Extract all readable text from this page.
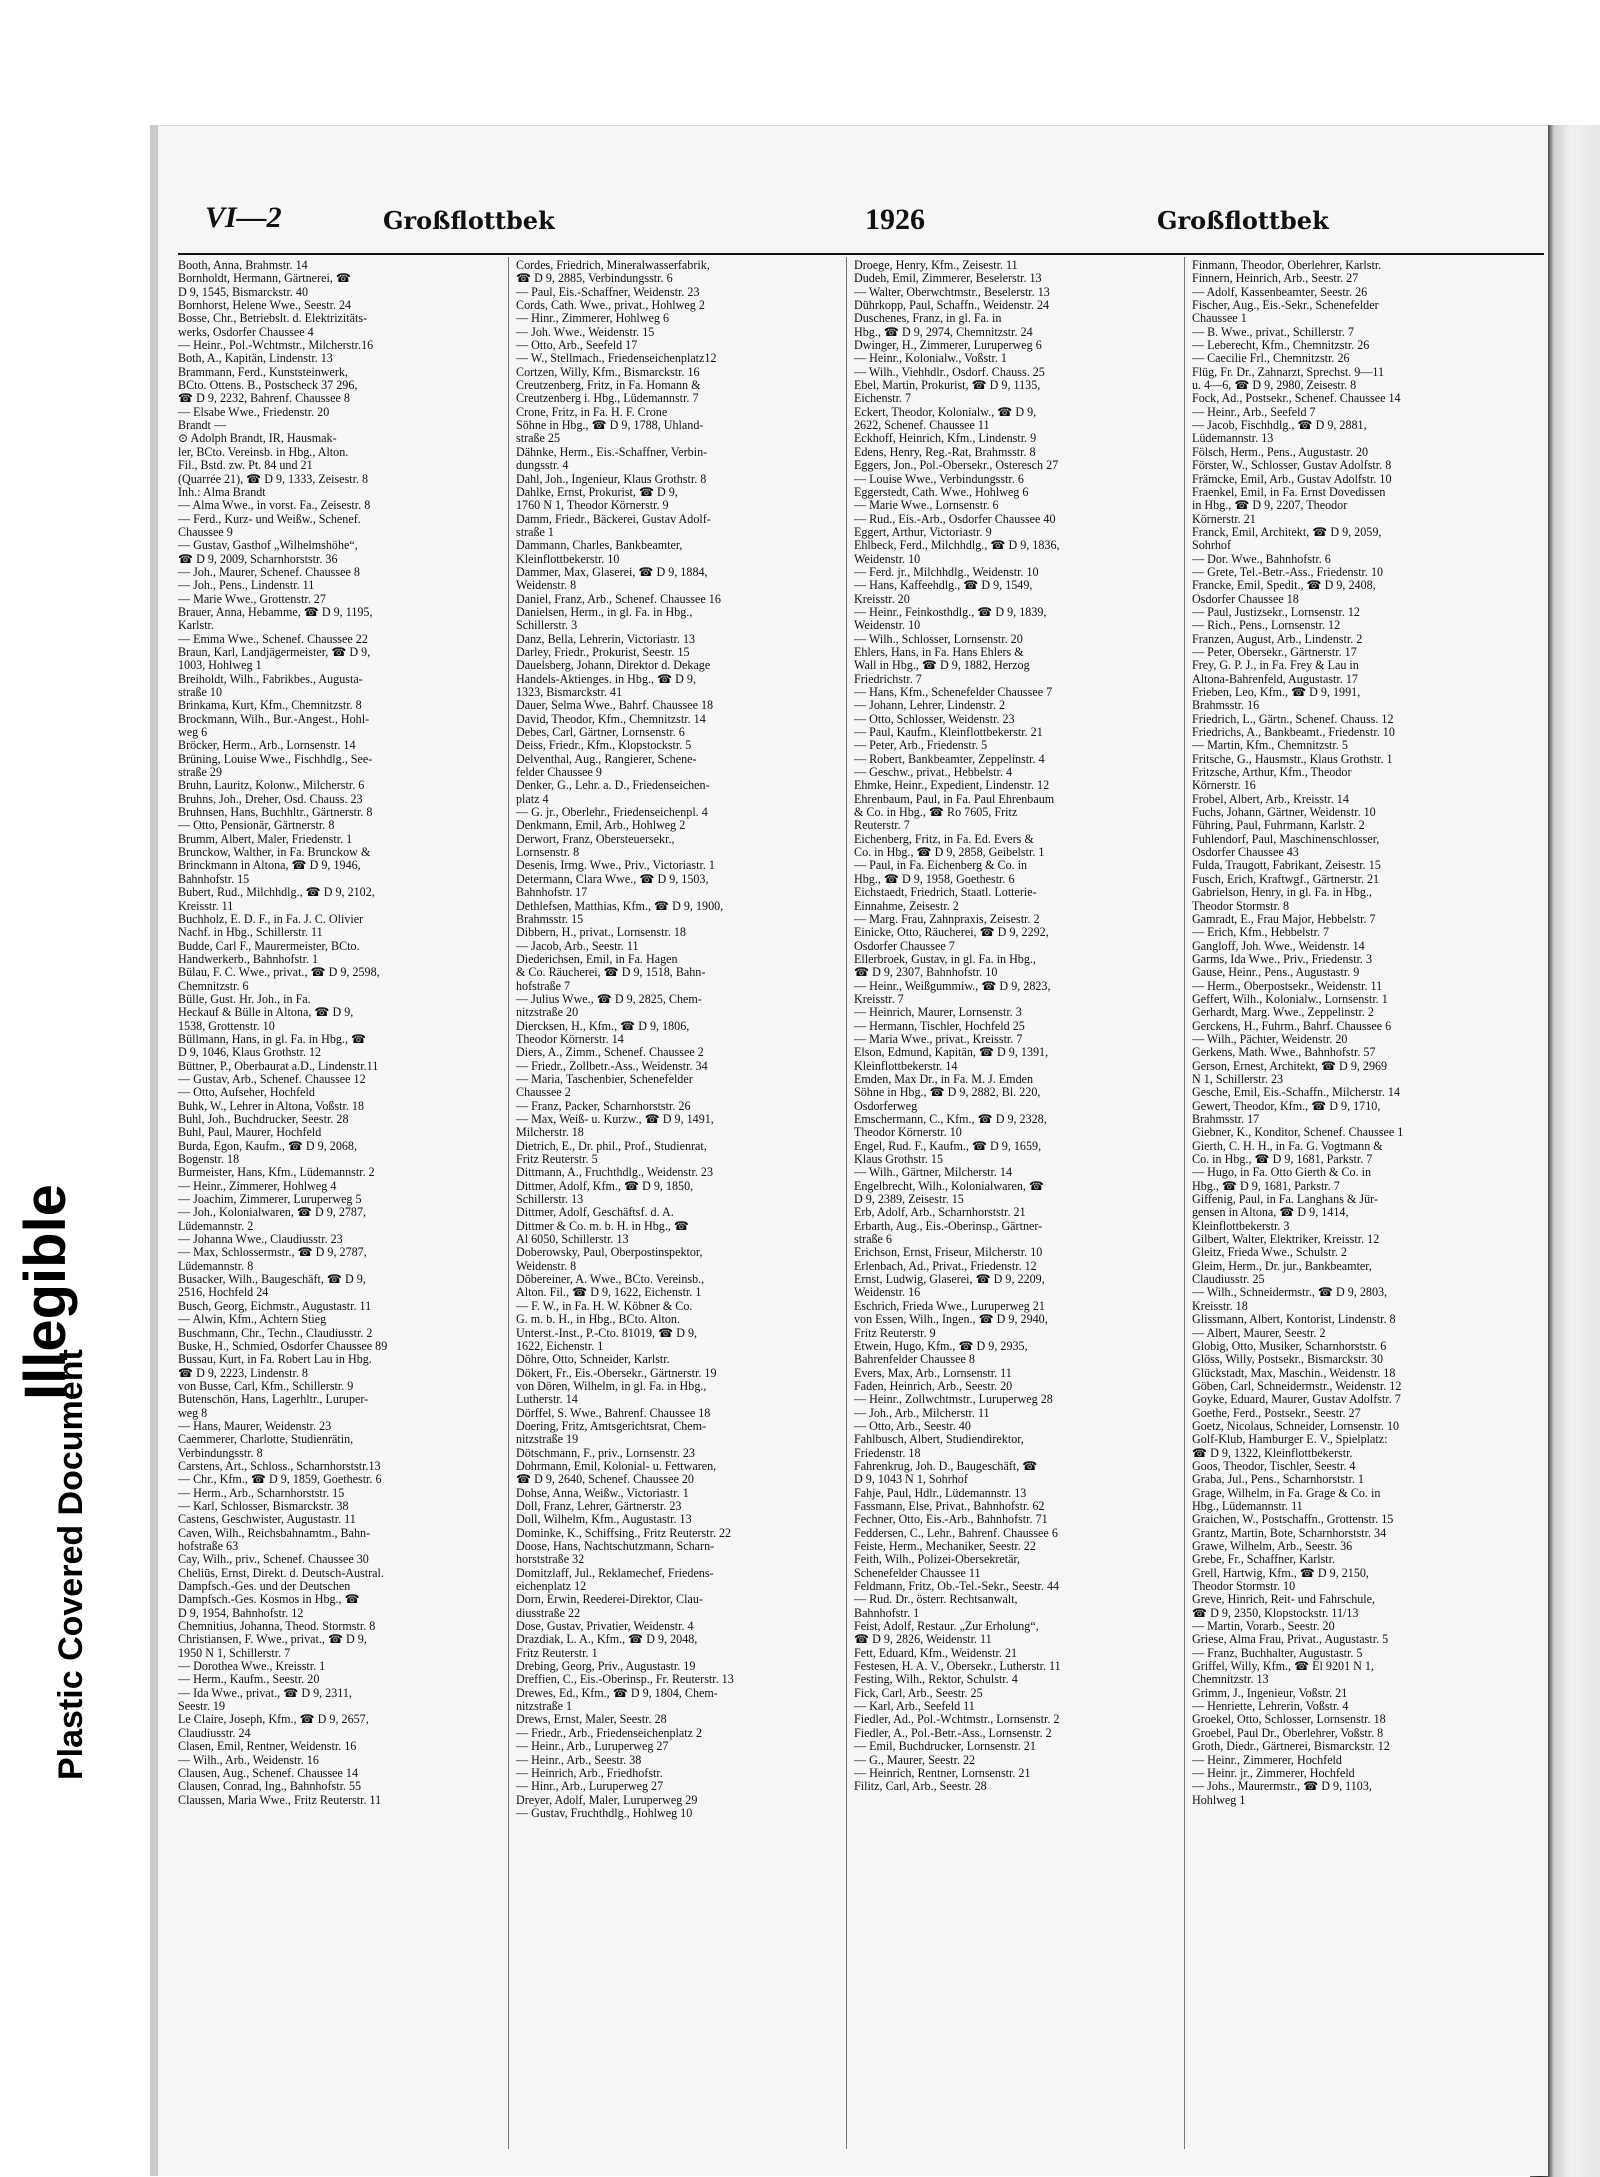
Illegible
Plastic Covered Document
VI—2	Großflottbek	1926	Großflottbek
Booth, Anna, Brahmstr. 14
Bornholdt, Hermann, Gärtnerei, ☎
D 9, 1545, Bismarckstr. 40
Bornhorst, Helene Wwe., Seestr. 24
Bosse, Chr., Betriebslt. d. Elektrizitäts-
werks, Osdorfer Chaussee 4
— Heinr., Pol.-Wchtmstr., Milcherstr.16
Both, A., Kapitän, Lindenstr. 13
Brammann, Ferd., Kunststeinwerk,
BCto. Ottens. B., Postscheck 37 296,
☎ D 9, 2232, Bahrenf. Chaussee 8
— Elsabe Wwe., Friedenstr. 20
Brandt —
⊙ Adolph Brandt, IR, Hausmak-
ler, BCto. Vereinsb. in Hbg., Alton.
Fil., Bstd. zw. Pt. 84 und 21
(Quarrée 21), ☎ D 9, 1333, Zeisestr. 8
Inh.: Alma Brandt
— Alma Wwe., in vorst. Fa., Zeisestr. 8
— Ferd., Kurz- und Weißw., Schenef.
Chaussee 9
— Gustav, Gasthof „Wilhelmshöhe“,
☎ D 9, 2009, Scharnhorststr. 36
— Joh., Maurer, Schenef. Chaussee 8
— Joh., Pens., Lindenstr. 11
— Marie Wwe., Grottenstr. 27
Brauer, Anna, Hebamme, ☎ D 9, 1195,
Karlstr.
— Emma Wwe., Schenef. Chaussee 22
Braun, Karl, Landjägermeister, ☎ D 9,
1003, Hohlweg 1
Breiholdt, Wilh., Fabrikbes., Augusta-
straße 10
Brinkama, Kurt, Kfm., Chemnitzstr. 8
Brockmann, Wilh., Bur.-Angest., Hohl-
weg 6
Bröcker, Herm., Arb., Lornsenstr. 14
Brüning, Louise Wwe., Fischhdlg., See-
straße 29
Bruhn, Lauritz, Kolonw., Milcherstr. 6
Bruhns, Joh., Dreher, Osd. Chauss. 23
Bruhnsen, Hans, Buchhltr., Gärtnerstr. 8
— Otto, Pensionär, Gärtnerstr. 8
Brumm, Albert, Maler, Friedenstr. 1
Brunckow, Walther, in Fa. Brunckow &
Brinckmann in Altona, ☎ D 9, 1946,
Bahnhofstr. 15
Bubert, Rud., Milchhdlg., ☎ D 9, 2102,
Kreisstr. 11
Buchholz, E. D. F., in Fa. J. C. Olivier
Nachf. in Hbg., Schillerstr. 11
Budde, Carl F., Maurermeister, BCto.
Handwerkerb., Bahnhofstr. 1
Bülau, F. C. Wwe., privat., ☎ D 9, 2598,
Chemnitzstr. 6
Bülle, Gust. Hr. Joh., in Fa.
Heckauf & Bülle in Altona, ☎ D 9,
1538, Grottenstr. 10
Büllmann, Hans, in gl. Fa. in Hbg., ☎
D 9, 1046, Klaus Grothstr. 12
Büttner, P., Oberbaurat a.D., Lindenstr.11
— Gustav, Arb., Schenef. Chaussee 12
— Otto, Aufseher, Hochfeld
Buhk, W., Lehrer in Altona, Voßstr. 18
Buhl, Joh., Buchdrucker, Seestr. 28
Buhl, Paul, Maurer, Hochfeld
Burda, Egon, Kaufm., ☎ D 9, 2068,
Bogenstr. 18
Burmeister, Hans, Kfm., Lüdemannstr. 2
— Heinr., Zimmerer, Hohlweg 4
— Joachim, Zimmerer, Luruperweg 5
— Joh., Kolonialwaren, ☎ D 9, 2787,
Lüdemannstr. 2
— Johanna Wwe., Claudiusstr. 23
— Max, Schlossermstr., ☎ D 9, 2787,
Lüdemannstr. 8
Busacker, Wilh., Baugeschäft, ☎ D 9,
2516, Hochfeld 24
Busch, Georg, Eichmstr., Augustastr. 11
— Alwin, Kfm., Achtern Stieg
Buschmann, Chr., Techn., Claudiusstr. 2
Buske, H., Schmied, Osdorfer Chaussee 89
Bussau, Kurt, in Fa. Robert Lau in Hbg.
☎ D 9, 2223, Lindenstr. 8
von Busse, Carl, Kfm., Schillerstr. 9
Butenschön, Hans, Lagerhltr., Luruper-
weg 8
— Hans, Maurer, Weidenstr. 23
Caemmerer, Charlotte, Studienrätin,
Verbindungsstr. 8
Carstens, Art., Schloss., Scharnhorststr.13
— Chr., Kfm., ☎ D 9, 1859, Goethestr. 6
— Herm., Arb., Scharnhorststr. 15
— Karl, Schlosser, Bismarckstr. 38
Castens, Geschwister, Augustastr. 11
Caven, Wilh., Reichsbahnamtm., Bahn-
hofstraße 63
Cay, Wilh., priv., Schenef. Chaussee 30
Cheliūs, Ernst, Direkt. d. Deutsch-Austral.
Dampfsch.-Ges. und der Deutschen
Dampfsch.-Ges. Kosmos in Hbg., ☎
D 9, 1954, Bahnhofstr. 12
Chemnitius, Johanna, Theod. Stormstr. 8
Christiansen, F. Wwe., privat., ☎ D 9,
1950 N 1, Schillerstr. 7
— Dorothea Wwe., Kreisstr. 1
— Herm., Kaufm., Seestr. 20
— Ida Wwe., privat., ☎ D 9, 2311,
Seestr. 19
Le Claire, Joseph, Kfm., ☎ D 9, 2657,
Claudiusstr. 24
Clasen, Emil, Rentner, Weidenstr. 16
— Wilh., Arb., Weidenstr. 16
Clausen, Aug., Schenef. Chaussee 14
Clausen, Conrad, Ing., Bahnhofstr. 55
Claussen, Maria Wwe., Fritz Reuterstr. 11
Cordes, Friedrich, Mineralwasserfabrik,
☎ D 9, 2885, Verbindungsstr. 6
— Paul, Eis.-Schaffner, Weidenstr. 23
Cords, Cath. Wwe., privat., Hohlweg 2
— Hinr., Zimmerer, Hohlweg 6
— Joh. Wwe., Weidenstr. 15
— Otto, Arb., Seefeld 17
— W., Stellmach., Friedenseichenplatz12
Cortzen, Willy, Kfm., Bismarckstr. 16
Creutzenberg, Fritz, in Fa. Homann &
Creutzenberg i. Hbg., Lüdemannstr. 7
Crone, Fritz, in Fa. H. F. Crone
Söhne in Hbg., ☎ D 9, 1788, Uhland-
straße 25
Dähnke, Herm., Eis.-Schaffner, Verbin-
dungsstr. 4
Dahl, Joh., Ingenieur, Klaus Grothstr. 8
Dahlke, Ernst, Prokurist, ☎ D 9,
1760 N 1, Theodor Körnerstr. 9
Damm, Friedr., Bäckerei, Gustav Adolf-
straße 1
Dammann, Charles, Bankbeamter,
Kleinflottbekerstr. 10
Dammer, Max, Glaserei, ☎ D 9, 1884,
Weidenstr. 8
Daniel, Franz, Arb., Schenef. Chaussee 16
Danielsen, Herm., in gl. Fa. in Hbg.,
Schillerstr. 3
Danz, Bella, Lehrerin, Victoriastr. 13
Darley, Friedr., Prokurist, Seestr. 15
Dauelsberg, Johann, Direktor d. Dekage
Handels-Aktienges. in Hbg., ☎ D 9,
1323, Bismarckstr. 41
Dauer, Selma Wwe., Bahrf. Chaussee 18
David, Theodor, Kfm., Chemnitzstr. 14
Debes, Carl, Gärtner, Lornsenstr. 6
Deiss, Friedr., Kfm., Klopstockstr. 5
Delventhal, Aug., Rangierer, Schene-
felder Chaussee 9
Denker, G., Lehr. a. D., Friedenseichen-
platz 4
— G. jr., Oberlehr., Friedenseichenpl. 4
Denkmann, Emil, Arb., Hohlweg 2
Derwort, Franz, Obersteuersekr.,
Lornsenstr. 8
Desenis, Irmg. Wwe., Priv., Victoriastr. 1
Determann, Clara Wwe., ☎ D 9, 1503,
Bahnhofstr. 17
Dethlefsen, Matthias, Kfm., ☎ D 9, 1900,
Brahmsstr. 15
Dibbern, H., privat., Lornsenstr. 18
— Jacob, Arb., Seestr. 11
Diederichsen, Emil, in Fa. Hagen
& Co. Räucherei, ☎ D 9, 1518, Bahn-
hofstraße 7
— Julius Wwe., ☎ D 9, 2825, Chem-
nitzstraße 20
Diercksen, H., Kfm., ☎ D 9, 1806,
Theodor Körnerstr. 14
Diers, A., Zimm., Schenef. Chaussee 2
— Friedr., Zollbetr.-Ass., Weidenstr. 34
— Maria, Taschenbier, Schenefelder
Chaussee 2
— Franz, Packer, Scharnhorststr. 26
— Max, Weiß- u. Kurzw., ☎ D 9, 1491,
Milcherstr. 18
Dietrich, E., Dr. phil., Prof., Studienrat,
Fritz Reuterstr. 5
Dittmann, A., Fruchthdlg., Weidenstr. 23
Dittmer, Adolf, Kfm., ☎ D 9, 1850,
Schillerstr. 13
Dittmer, Adolf, Geschäftsf. d. A.
Dittmer & Co. m. b. H. in Hbg., ☎
Al 6050, Schillerstr. 13
Doberowsky, Paul, Oberpostinspektor,
Weidenstr. 8
Döbereiner, A. Wwe., BCto. Vereinsb.,
Alton. Fil., ☎ D 9, 1622, Eichenstr. 1
— F. W., in Fa. H. W. Köbner & Co.
G. m. b. H., in Hbg., BCto. Alton.
Unterst.-Inst., P.-Cto. 81019, ☎ D 9,
1622, Eichenstr. 1
Döhre, Otto, Schneider, Karlstr.
Dökert, Fr., Eis.-Obersekr., Gärtnerstr. 19
von Dören, Wilhelm, in gl. Fa. in Hbg.,
Lutherstr. 14
Dörffel, S. Wwe., Bahrenf. Chaussee 18
Doering, Fritz, Amtsgerichtsrat, Chem-
nitzstraße 19
Dötschmann, F., priv., Lornsenstr. 23
Dohrmann, Emil, Kolonial- u. Fettwaren,
☎ D 9, 2640, Schenef. Chaussee 20
Dohse, Anna, Weißw., Victoriastr. 1
Doll, Franz, Lehrer, Gärtnerstr. 23
Doll, Wilhelm, Kfm., Augustastr. 13
Dominke, K., Schiffsing., Fritz Reuterstr. 22
Doose, Hans, Nachtschutzmann, Scharn-
horststraße 32
Domitzlaff, Jul., Reklamechef, Friedens-
eichenplatz 12
Dorn, Erwin, Reederei-Direktor, Clau-
diusstraße 22
Dose, Gustav, Privatier, Weidenstr. 4
Drazdiak, L. A., Kfm., ☎ D 9, 2048,
Fritz Reuterstr. 1
Drebing, Georg, Priv., Augustastr. 19
Dreffien, C., Eis.-Oberinsp., Fr. Reuterstr. 13
Drewes, Ed., Kfm., ☎ D 9, 1804, Chem-
nitzstraße 1
Drews, Ernst, Maler, Seestr. 28
— Friedr., Arb., Friedenseichenplatz 2
— Heinr., Arb., Luruperweg 27
— Heinr., Arb., Seestr. 38
— Heinrich, Arb., Friedhofstr.
— Hinr., Arb., Luruperweg 27
Dreyer, Adolf, Maler, Luruperweg 29
— Gustav, Fruchthdlg., Hohlweg 10
Droege, Henry, Kfm., Zeisestr. 11
Dudeh, Emil, Zimmerer, Beselerstr. 13
— Walter, Oberwchtmstr., Beselerstr. 13
Dührkopp, Paul, Schaffn., Weidenstr. 24
Duschenes, Franz, in gl. Fa. in
Hbg., ☎ D 9, 2974, Chemnitzstr. 24
Dwinger, H., Zimmerer, Luruperweg 6
— Heinr., Kolonialw., Voßstr. 1
— Wilh., Viehhdlr., Osdorf. Chauss. 25
Ebel, Martin, Prokurist, ☎ D 9, 1135,
Eichenstr. 7
Eckert, Theodor, Kolonialw., ☎ D 9,
2622, Schenef. Chaussee 11
Eckhoff, Heinrich, Kfm., Lindenstr. 9
Edens, Henry, Reg.-Rat, Brahmsstr. 8
Eggers, Jon., Pol.-Obersekr., Osteresch 27
— Louise Wwe., Verbindungsstr. 6
Eggerstedt, Cath. Wwe., Hohlweg 6
— Marie Wwe., Lornsenstr. 6
— Rud., Eis.-Arb., Osdorfer Chaussee 40
Eggert, Arthur, Victoriastr. 9
Ehlbeck, Ferd., Milchhdlg., ☎ D 9, 1836,
Weidenstr. 10
— Ferd. jr., Milchhdlg., Weidenstr. 10
— Hans, Kaffeehdlg., ☎ D 9, 1549,
Kreisstr. 20
— Heinr., Feinkosthdlg., ☎ D 9, 1839,
Weidenstr. 10
— Wilh., Schlosser, Lornsenstr. 20
Ehlers, Hans, in Fa. Hans Ehlers &
Wall in Hbg., ☎ D 9, 1882, Herzog
Friedrichstr. 7
— Hans, Kfm., Schenefelder Chaussee 7
— Johann, Lehrer, Lindenstr. 2
— Otto, Schlosser, Weidenstr. 23
— Paul, Kaufm., Kleinflottbekerstr. 21
— Peter, Arb., Friedenstr. 5
— Robert, Bankbeamter, Zeppelinstr. 4
— Geschw., privat., Hebbelstr. 4
Ehmke, Heinr., Expedient, Lindenstr. 12
Ehrenbaum, Paul, in Fa. Paul Ehrenbaum
& Co. in Hbg., ☎ Ro 7605, Fritz
Reuterstr. 7
Eichenberg, Fritz, in Fa. Ed. Evers &
Co. in Hbg., ☎ D 9, 2858, Geibelstr. 1
— Paul, in Fa. Eichenberg & Co. in
Hbg., ☎ D 9, 1958, Goethestr. 6
Eichstaedt, Friedrich, Staatl. Lotterie-
Einnahme, Zeisestr. 2
— Marg. Frau, Zahnpraxis, Zeisestr. 2
Einicke, Otto, Räucherei, ☎ D 9, 2292,
Osdorfer Chaussee 7
Ellerbroek, Gustav, in gl. Fa. in Hbg.,
☎ D 9, 2307, Bahnhofstr. 10
— Heinr., Weißgummiw., ☎ D 9, 2823,
Kreisstr. 7
— Heinrich, Maurer, Lornsenstr. 3
— Hermann, Tischler, Hochfeld 25
— Maria Wwe., privat., Kreisstr. 7
Elson, Edmund, Kapitän, ☎ D 9, 1391,
Kleinflottbekerstr. 14
Emden, Max Dr., in Fa. M. J. Emden
Söhne in Hbg., ☎ D 9, 2882, Bl. 220,
Osdorferweg
Emschermann, C., Kfm., ☎ D 9, 2328,
Theodor Körnerstr. 10
Engel, Rud. F., Kaufm., ☎ D 9, 1659,
Klaus Grothstr. 15
— Wilh., Gärtner, Milcherstr. 14
Engelbrecht, Wilh., Kolonialwaren, ☎
D 9, 2389, Zeisestr. 15
Erb, Adolf, Arb., Scharnhorststr. 21
Erbarth, Aug., Eis.-Oberinsp., Gärtner-
straße 6
Erichson, Ernst, Friseur, Milcherstr. 10
Erlenbach, Ad., Privat., Friedenstr. 12
Ernst, Ludwig, Glaserei, ☎ D 9, 2209,
Weidenstr. 16
Eschrich, Frieda Wwe., Luruperweg 21
von Essen, Wilh., Ingen., ☎ D 9, 2940,
Fritz Reuterstr. 9
Etwein, Hugo, Kfm., ☎ D 9, 2935,
Bahrenfelder Chaussee 8
Evers, Max, Arb., Lornsenstr. 11
Faden, Heinrich, Arb., Seestr. 20
— Heinr., Zollwchtmstr., Luruperweg 28
— Joh., Arb., Milcherstr. 11
— Otto, Arb., Seestr. 40
Fahlbusch, Albert, Studiendirektor,
Friedenstr. 18
Fahrenkrug, Joh. D., Baugeschäft, ☎
D 9, 1043 N 1, Sohrhof
Fahje, Paul, Hdlr., Lüdemannstr. 13
Fassmann, Else, Privat., Bahnhofstr. 62
Fechner, Otto, Eis.-Arb., Bahnhofstr. 71
Feddersen, C., Lehr., Bahrenf. Chaussee 6
Feiste, Herm., Mechaniker, Seestr. 22
Feith, Wilh., Polizei-Obersekretär,
Schenefelder Chaussee 11
Feldmann, Fritz, Ob.-Tel.-Sekr., Seestr. 44
— Rud. Dr., österr. Rechtsanwalt,
Bahnhofstr. 1
Feist, Adolf, Restaur. „Zur Erholung“,
☎ D 9, 2826, Weidenstr. 11
Fett, Eduard, Kfm., Weidenstr. 21
Festesen, H. A. V., Obersekr., Lutherstr. 11
Festing, Wilh., Rektor, Schulstr. 4
Fick, Carl, Arb., Seestr. 25
— Karl, Arb., Seefeld 11
Fiedler, Ad., Pol.-Wchtmstr., Lornsenstr. 2
Fiedler, A., Pol.-Betr.-Ass., Lornsenstr. 2
— Emil, Buchdrucker, Lornsenstr. 21
— G., Maurer, Seestr. 22
— Heinrich, Rentner, Lornsenstr. 21
Filitz, Carl, Arb., Seestr. 28
Finmann, Theodor, Oberlehrer, Karlstr.
Finnern, Heinrich, Arb., Seestr. 27
— Adolf, Kassenbeamter, Seestr. 26
Fischer, Aug., Eis.-Sekr., Schenefelder
Chaussee 1
— B. Wwe., privat., Schillerstr. 7
— Leberecht, Kfm., Chemnitzstr. 26
— Caecilie Frl., Chemnitzstr. 26
Flüg, Fr. Dr., Zahnarzt, Sprechst. 9—11
u. 4—6, ☎ D 9, 2980, Zeisestr. 8
Fock, Ad., Postsekr., Schenef. Chaussee 14
— Heinr., Arb., Seefeld 7
— Jacob, Fischhdlg., ☎ D 9, 2881,
Lüdemannstr. 13
Fölsch, Herm., Pens., Augustastr. 20
Förster, W., Schlosser, Gustav Adolfstr. 8
Främcke, Emil, Arb., Gustav Adolfstr. 10
Fraenkel, Emil, in Fa. Ernst Dovedissen
in Hbg., ☎ D 9, 2207, Theodor
Körnerstr. 21
Franck, Emil, Architekt, ☎ D 9, 2059,
Sohrhof
— Dor. Wwe., Bahnhofstr. 6
— Grete, Tel.-Betr.-Ass., Friedenstr. 10
Francke, Emil, Spedit., ☎ D 9, 2408,
Osdorfer Chaussee 18
— Paul, Justizsekr., Lornsenstr. 12
— Rich., Pens., Lornsenstr. 12
Franzen, August, Arb., Lindenstr. 2
— Peter, Obersekr., Gärtnerstr. 17
Frey, G. P. J., in Fa. Frey & Lau in
Altona-Bahrenfeld, Augustastr. 17
Frieben, Leo, Kfm., ☎ D 9, 1991,
Brahmsstr. 16
Friedrich, L., Gärtn., Schenef. Chauss. 12
Friedrichs, A., Bankbeamt., Friedenstr. 10
— Martin, Kfm., Chemnitzstr. 5
Fritsche, G., Hausmstr., Klaus Grothstr. 1
Fritzsche, Arthur, Kfm., Theodor
Körnerstr. 16
Frobel, Albert, Arb., Kreisstr. 14
Fuchs, Johann, Gärtner, Weidenstr. 10
Führing, Paul, Fuhrmann, Karlstr. 2
Fuhlendorf, Paul, Maschinenschlosser,
Osdorfer Chaussee 43
Fulda, Traugott, Fabrikant, Zeisestr. 15
Fusch, Erich, Kraftwgf., Gärtnerstr. 21
Gabrielson, Henry, in gl. Fa. in Hbg.,
Theodor Stormstr. 8
Gamradt, E., Frau Major, Hebbelstr. 7
— Erich, Kfm., Hebbelstr. 7
Gangloff, Joh. Wwe., Weidenstr. 14
Garms, Ida Wwe., Priv., Friedenstr. 3
Gause, Heinr., Pens., Augustastr. 9
— Herm., Oberpostsekr., Weidenstr. 11
Geffert, Wilh., Kolonialw., Lornsenstr. 1
Gerhardt, Marg. Wwe., Zeppelinstr. 2
Gerckens, H., Fuhrm., Bahrf. Chaussee 6
— Wilh., Pächter, Weidenstr. 20
Gerkens, Math. Wwe., Bahnhofstr. 57
Gerson, Ernest, Architekt, ☎ D 9, 2969
N 1, Schillerstr. 23
Gesche, Emil, Eis.-Schaffn., Milcherstr. 14
Gewert, Theodor, Kfm., ☎ D 9, 1710,
Brahmsstr. 17
Giebner, K., Konditor, Schenef. Chaussee 1
Gierth, C. H. H., in Fa. G. Vogtmann &
Co. in Hbg., ☎ D 9, 1681, Parkstr. 7
— Hugo, in Fa. Otto Gierth & Co. in
Hbg., ☎ D 9, 1681, Parkstr. 7
Giffenig, Paul, in Fa. Langhans & Jür-
gensen in Altona, ☎ D 9, 1414,
Kleinflottbekerstr. 3
Gilbert, Walter, Elektriker, Kreisstr. 12
Gleitz, Frieda Wwe., Schulstr. 2
Gleim, Herm., Dr. jur., Bankbeamter,
Claudiusstr. 25
— Wilh., Schneidermstr., ☎ D 9, 2803,
Kreisstr. 18
Glissmann, Albert, Kontorist, Lindenstr. 8
— Albert, Maurer, Seestr. 2
Globig, Otto, Musiker, Scharnhorststr. 6
Glöss, Willy, Postsekr., Bismarckstr. 30
Glückstadt, Max, Maschin., Weidenstr. 18
Göben, Carl, Schneidermstr., Weidenstr. 12
Goyke, Eduard, Maurer, Gustav Adolfstr. 7
Goethe, Ferd., Postsekr., Seestr. 27
Goetz, Nicolaus, Schneider, Lornsenstr. 10
Golf-Klub, Hamburger E. V., Spielplatz:
☎ D 9, 1322, Kleinflottbekerstr.
Goos, Theodor, Tischler, Seestr. 4
Graba, Jul., Pens., Scharnhorststr. 1
Grage, Wilhelm, in Fa. Grage & Co. in
Hbg., Lüdemannstr. 11
Graichen, W., Postschaffn., Grottenstr. 15
Grantz, Martin, Bote, Scharnhorststr. 34
Grawe, Wilhelm, Arb., Seestr. 36
Grebe, Fr., Schaffner, Karlstr.
Grell, Hartwig, Kfm., ☎ D 9, 2150,
Theodor Stormstr. 10
Greve, Hinrich, Reit- und Fahrschule,
☎ D 9, 2350, Klopstockstr. 11/13
— Martin, Vorarb., Seestr. 20
Griese, Alma Frau, Privat., Augustastr. 5
— Franz, Buchhalter, Augustastr. 5
Griffel, Willy, Kfm., ☎ El 9201 N 1,
Chemnitzstr. 13
Grimm, J., Ingenieur, Voßstr. 21
— Henriette, Lehrerin, Voßstr. 4
Groekel, Otto, Schlosser, Lornsenstr. 18
Groebel, Paul Dr., Oberlehrer, Voßstr. 8
Groth, Diedr., Gärtnerei, Bismarckstr. 12
— Heinr., Zimmerer, Hochfeld
— Heinr. jr., Zimmerer, Hochfeld
— Johs., Maurermstr., ☎ D 9, 1103,
Hohlweg 1
